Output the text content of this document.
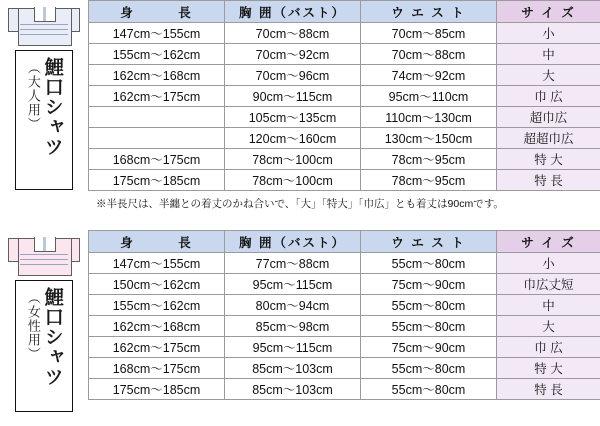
鯉口シャツ
（大人用）
身　　　長	胸 囲（バスト）	ウ エ ス ト	サ イ ズ
147cm～155cm	70cm～88cm	70cm～85cm	小
155cm～162cm	70cm～92cm	70cm～88cm	中
162cm～168cm	70cm～96cm	74cm～92cm	大
162cm～175cm	90cm～115cm	95cm～110cm	巾 広
	105cm～135cm	110cm～130cm	超巾広
	120cm～160cm	130cm～150cm	超超巾広
168cm～175cm	78cm～100cm	78cm～95cm	特 大
175cm～185cm	78cm～100cm	78cm～95cm	特 長
※半長尺は、半纏との着丈のかね合いで、「大」「特大」「巾広」とも着丈は90cmです。
鯉口シャツ
（女性用）
身　　　長	胸 囲（バスト）	ウ エ ス ト	サ イ ズ
147cm～155cm	77cm～88cm	55cm～80cm	小
150cm～162cm	95cm～115cm	75cm～90cm	巾広丈短
155cm～162cm	80cm～94cm	55cm～80cm	中
162cm～168cm	85cm～98cm	55cm～80cm	大
162cm～175cm	95cm～115cm	75cm～90cm	巾 広
168cm～175cm	85cm～103cm	55cm～80cm	特 大
175cm～185cm	85cm～103cm	55cm～80cm	特 長
